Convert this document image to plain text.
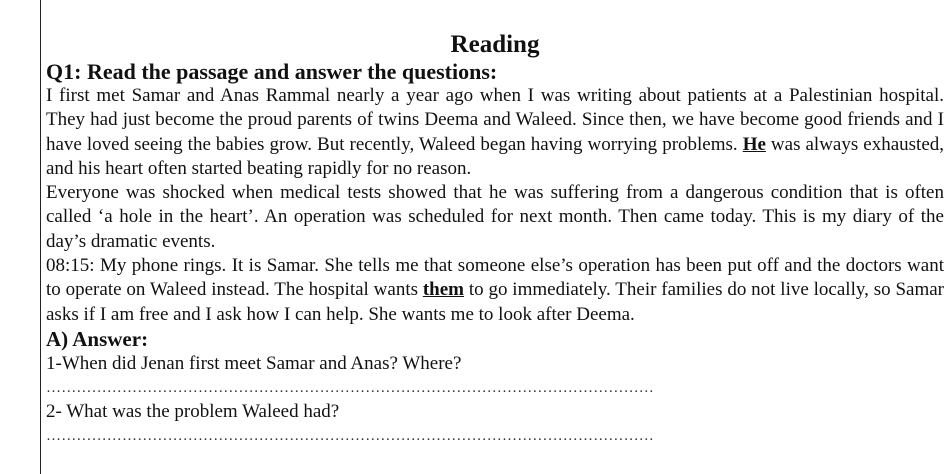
Reading

Q1: Read the passage and answer the questions:

I first met Samar and Anas Rammal nearly a year ago when I was writing about patients at a Palestinian hospital. They had just become the proud parents of twins Deema and Waleed. Since then, we have become good friends and I have loved seeing the babies grow. But recently, Waleed began having worrying problems. He was always exhausted, and his heart often started beating rapidly for no reason.

Everyone was shocked when medical tests showed that he was suffering from a dangerous condition that is often called ‘a hole in the heart’. An operation was scheduled for next month. Then came today. This is my diary of the day’s dramatic events.

08:15: My phone rings. It is Samar. She tells me that someone else’s operation has been put off and the doctors want to operate on Waleed instead. The hospital wants them to go immediately. Their families do not live locally, so Samar asks if I am free and I ask how I can help. She wants me to look after Deema.

A) Answer:

1-When did Jenan first meet Samar and Anas? Where?

…………………………………………………………………………………………………………

2- What was the problem Waleed had?

…………………………………………………………………………………………………………
